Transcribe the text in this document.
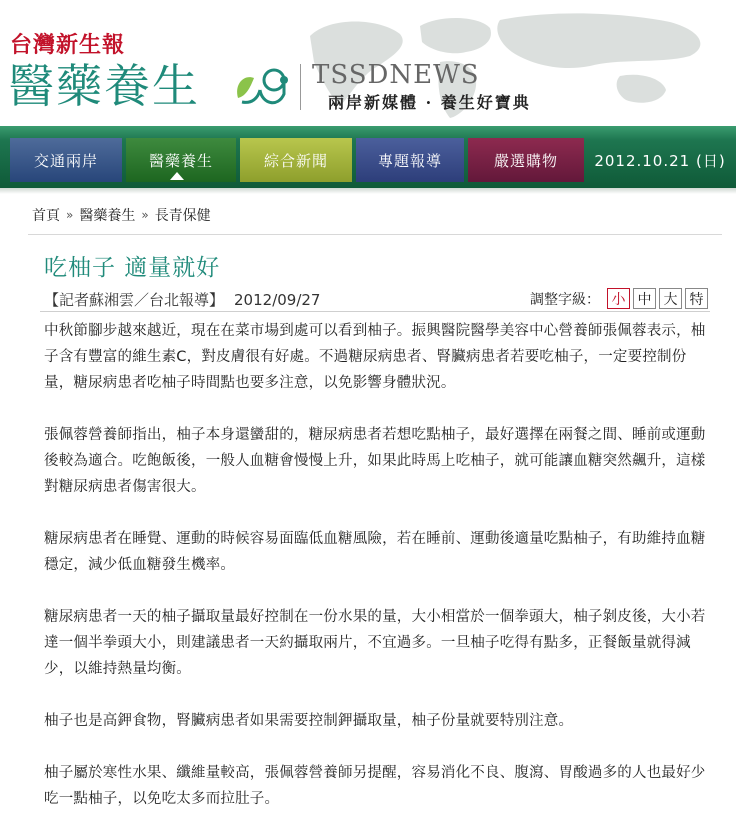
台灣新生報
醫藥養生	TSSDNEWS
兩岸新媒體 · 養生好寶典
交通兩岸	醫藥養生	綜合新聞	專題報導	嚴選購物	2012.10.21 (日)
首頁 » 醫藥養生 » 長青保健
吃柚子 適量就好
【記者蘇湘雲／台北報導】 2012/09/27	調整字級： 小 中 大 特

中秋節腳步越來越近，現在在菜市場到處可以看到柚子。振興醫院醫學美容中心營養師張佩蓉表示，柚子含有豐富的維生素C，對皮膚很有好處。不過糖尿病患者、腎臟病患者若要吃柚子，一定要控制份量，糖尿病患者吃柚子時間點也要多注意，以免影響身體狀況。

張佩蓉營養師指出，柚子本身還蠻甜的，糖尿病患者若想吃點柚子，最好選擇在兩餐之間、睡前或運動後較為適合。吃飽飯後，一般人血糖會慢慢上升，如果此時馬上吃柚子，就可能讓血糖突然飆升，這樣對糖尿病患者傷害很大。

糖尿病患者在睡覺、運動的時候容易面臨低血糖風險，若在睡前、運動後適量吃點柚子，有助維持血糖穩定，減少低血糖發生機率。

糖尿病患者一天的柚子攝取量最好控制在一份水果的量，大小相當於一個拳頭大，柚子剝皮後，大小若達一個半拳頭大小，則建議患者一天約攝取兩片，不宜過多。一旦柚子吃得有點多，正餐飯量就得減少，以維持熱量均衡。

柚子也是高鉀食物，腎臟病患者如果需要控制鉀攝取量，柚子份量就要特別注意。

柚子屬於寒性水果、纖維量較高，張佩蓉營養師另提醒，容易消化不良、腹瀉、胃酸過多的人也最好少吃一點柚子，以免吃太多而拉肚子。
